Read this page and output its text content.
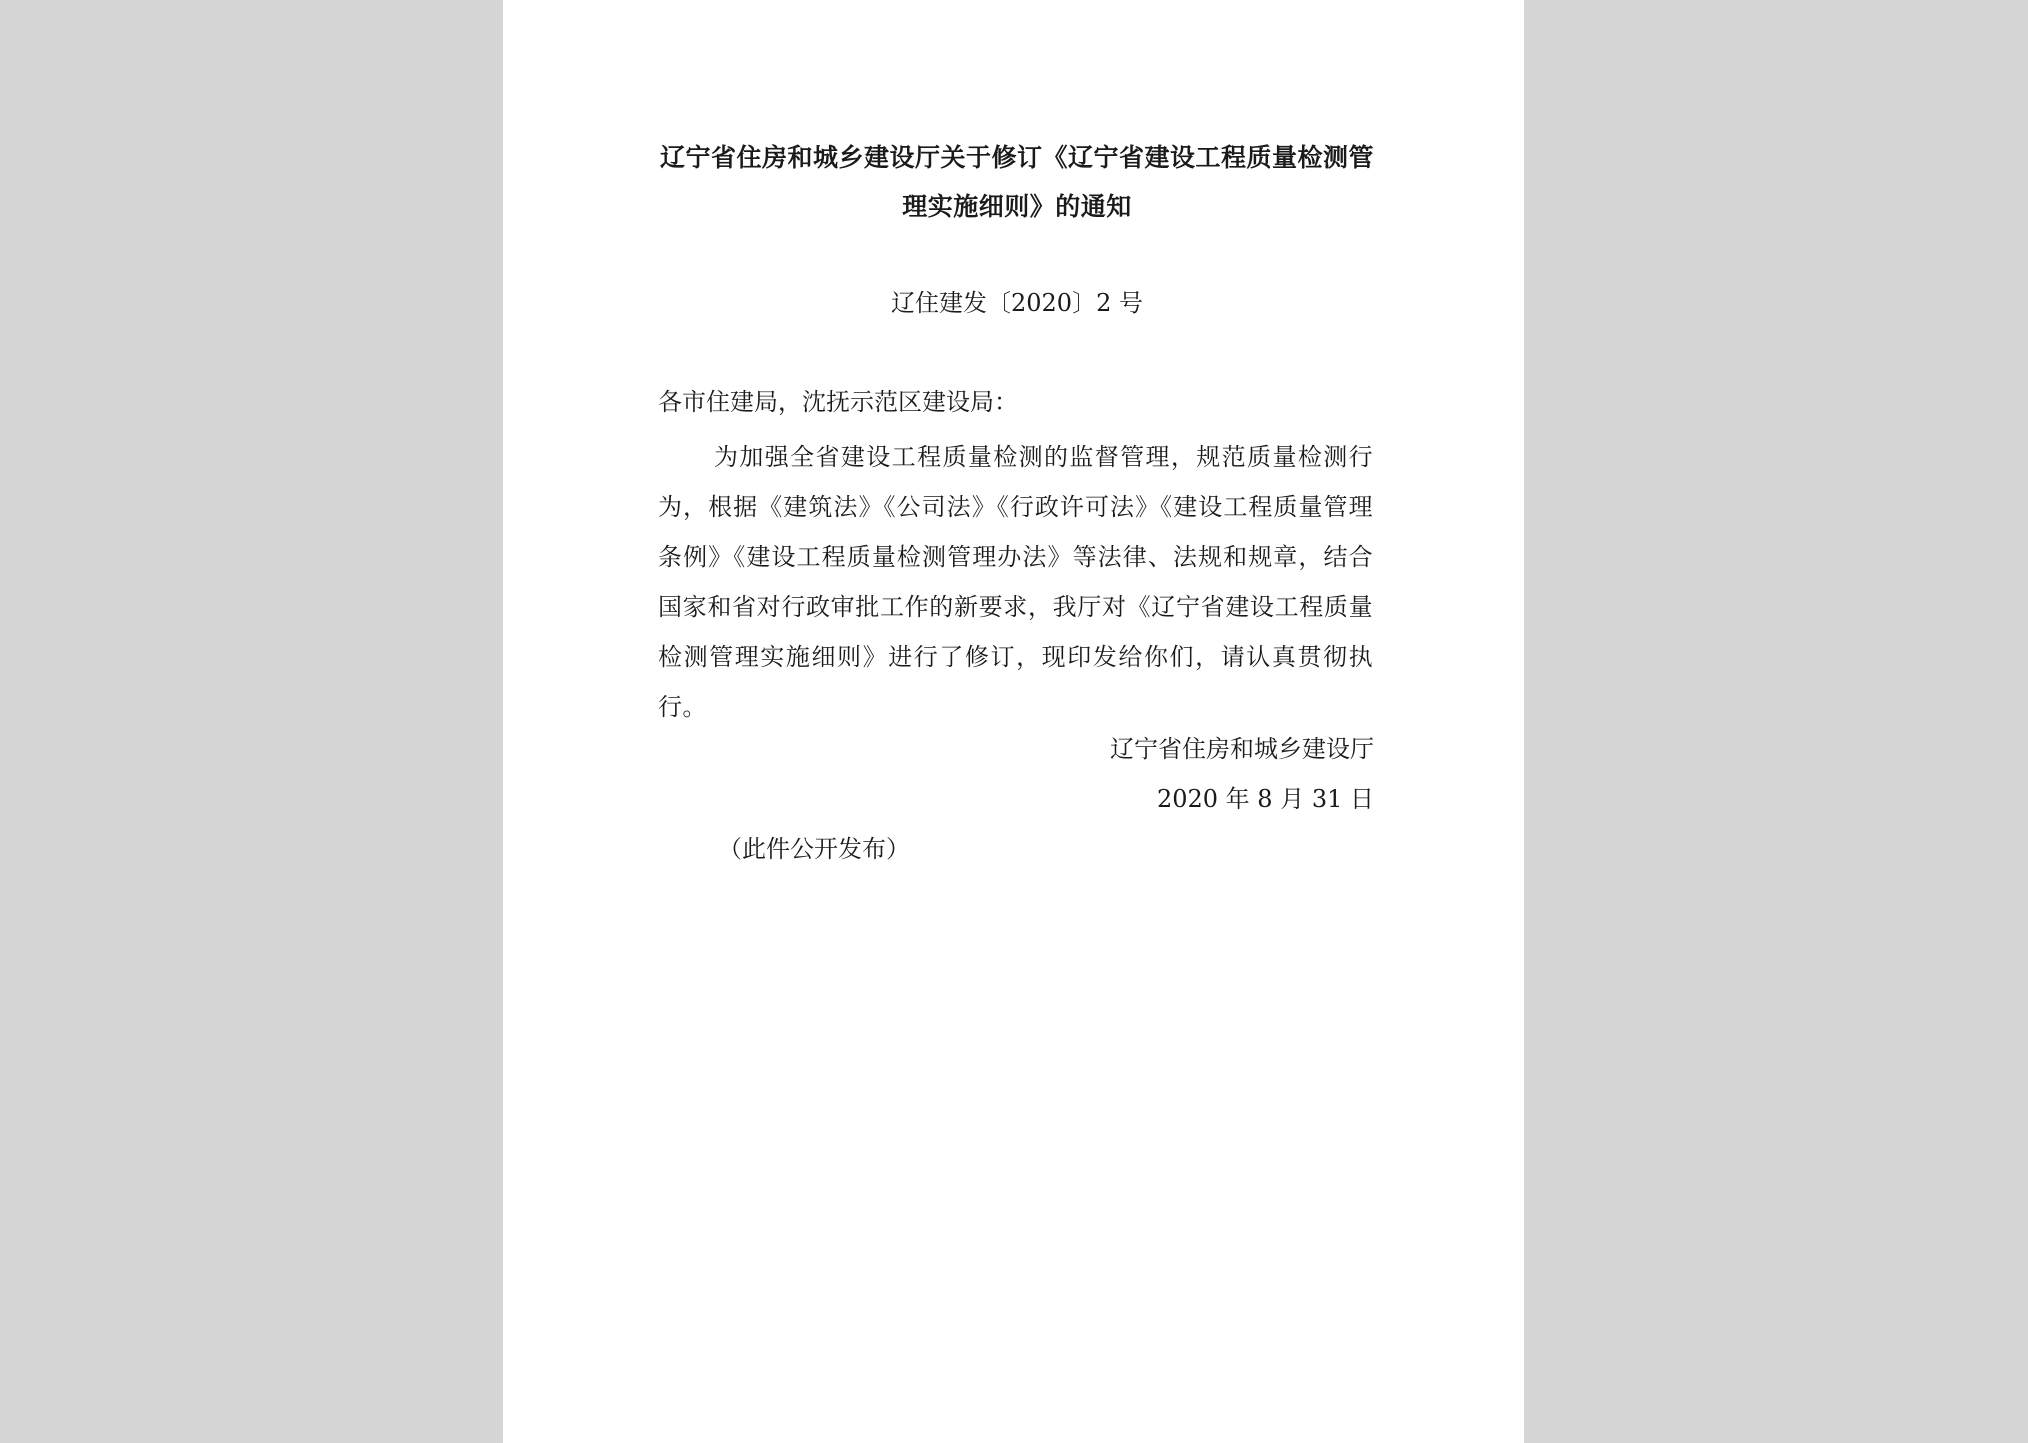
辽宁省住房和城乡建设厅关于修订《辽宁省建设工程质量检测管理实施细则》的通知
辽住建发〔2020〕2 号
各市住建局，沈抚示范区建设局：
为加强全省建设工程质量检测的监督管理，规范质量检测行为，根据《建筑法》《公司法》《行政许可法》《建设工程质量管理条例》《建设工程质量检测管理办法》等法律、法规和规章，结合国家和省对行政审批工作的新要求，我厅对《辽宁省建设工程质量检测管理实施细则》进行了修订，现印发给你们，请认真贯彻执行。
辽宁省住房和城乡建设厅
2020 年 8 月 31 日
（此件公开发布）
